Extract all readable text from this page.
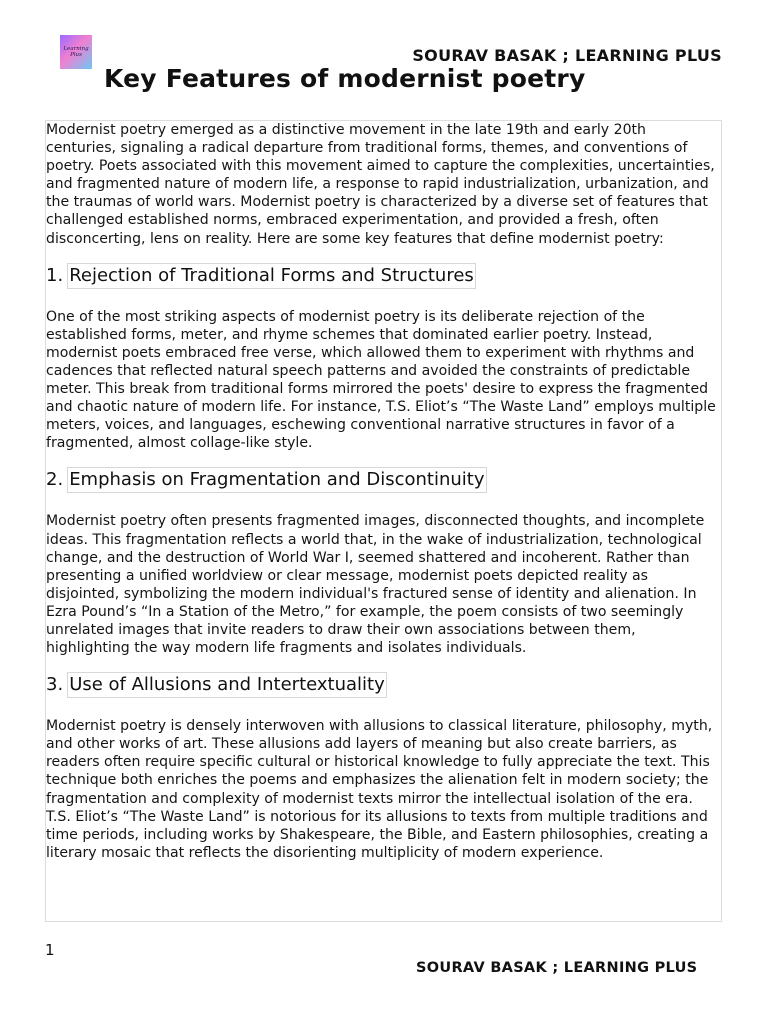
Learning Plus	SOURAV BASAK ; LEARNING PLUS
Key Features of modernist poetry

Modernist poetry emerged as a distinctive movement in the late 19th and early 20th centuries, signaling a radical departure from traditional forms, themes, and conventions of poetry. Poets associated with this movement aimed to capture the complexities, uncertainties, and fragmented nature of modern life, a response to rapid industrialization, urbanization, and the traumas of world wars. Modernist poetry is characterized by a diverse set of features that challenged established norms, embraced experimentation, and provided a fresh, often disconcerting, lens on reality. Here are some key features that define modernist poetry:

1. Rejection of Traditional Forms and Structures

One of the most striking aspects of modernist poetry is its deliberate rejection of the established forms, meter, and rhyme schemes that dominated earlier poetry. Instead, modernist poets embraced free verse, which allowed them to experiment with rhythms and cadences that reflected natural speech patterns and avoided the constraints of predictable meter. This break from traditional forms mirrored the poets' desire to express the fragmented and chaotic nature of modern life. For instance, T.S. Eliot’s “The Waste Land” employs multiple meters, voices, and languages, eschewing conventional narrative structures in favor of a fragmented, almost collage-like style.

2. Emphasis on Fragmentation and Discontinuity

Modernist poetry often presents fragmented images, disconnected thoughts, and incomplete ideas. This fragmentation reflects a world that, in the wake of industrialization, technological change, and the destruction of World War I, seemed shattered and incoherent. Rather than presenting a unified worldview or clear message, modernist poets depicted reality as disjointed, symbolizing the modern individual's fractured sense of identity and alienation. In Ezra Pound’s “In a Station of the Metro,” for example, the poem consists of two seemingly unrelated images that invite readers to draw their own associations between them, highlighting the way modern life fragments and isolates individuals.

3. Use of Allusions and Intertextuality

Modernist poetry is densely interwoven with allusions to classical literature, philosophy, myth, and other works of art. These allusions add layers of meaning but also create barriers, as readers often require specific cultural or historical knowledge to fully appreciate the text. This technique both enriches the poems and emphasizes the alienation felt in modern society; the fragmentation and complexity of modernist texts mirror the intellectual isolation of the era. T.S. Eliot’s “The Waste Land” is notorious for its allusions to texts from multiple traditions and time periods, including works by Shakespeare, the Bible, and Eastern philosophies, creating a literary mosaic that reflects the disorienting multiplicity of modern experience.

1
SOURAV BASAK ; LEARNING PLUS
